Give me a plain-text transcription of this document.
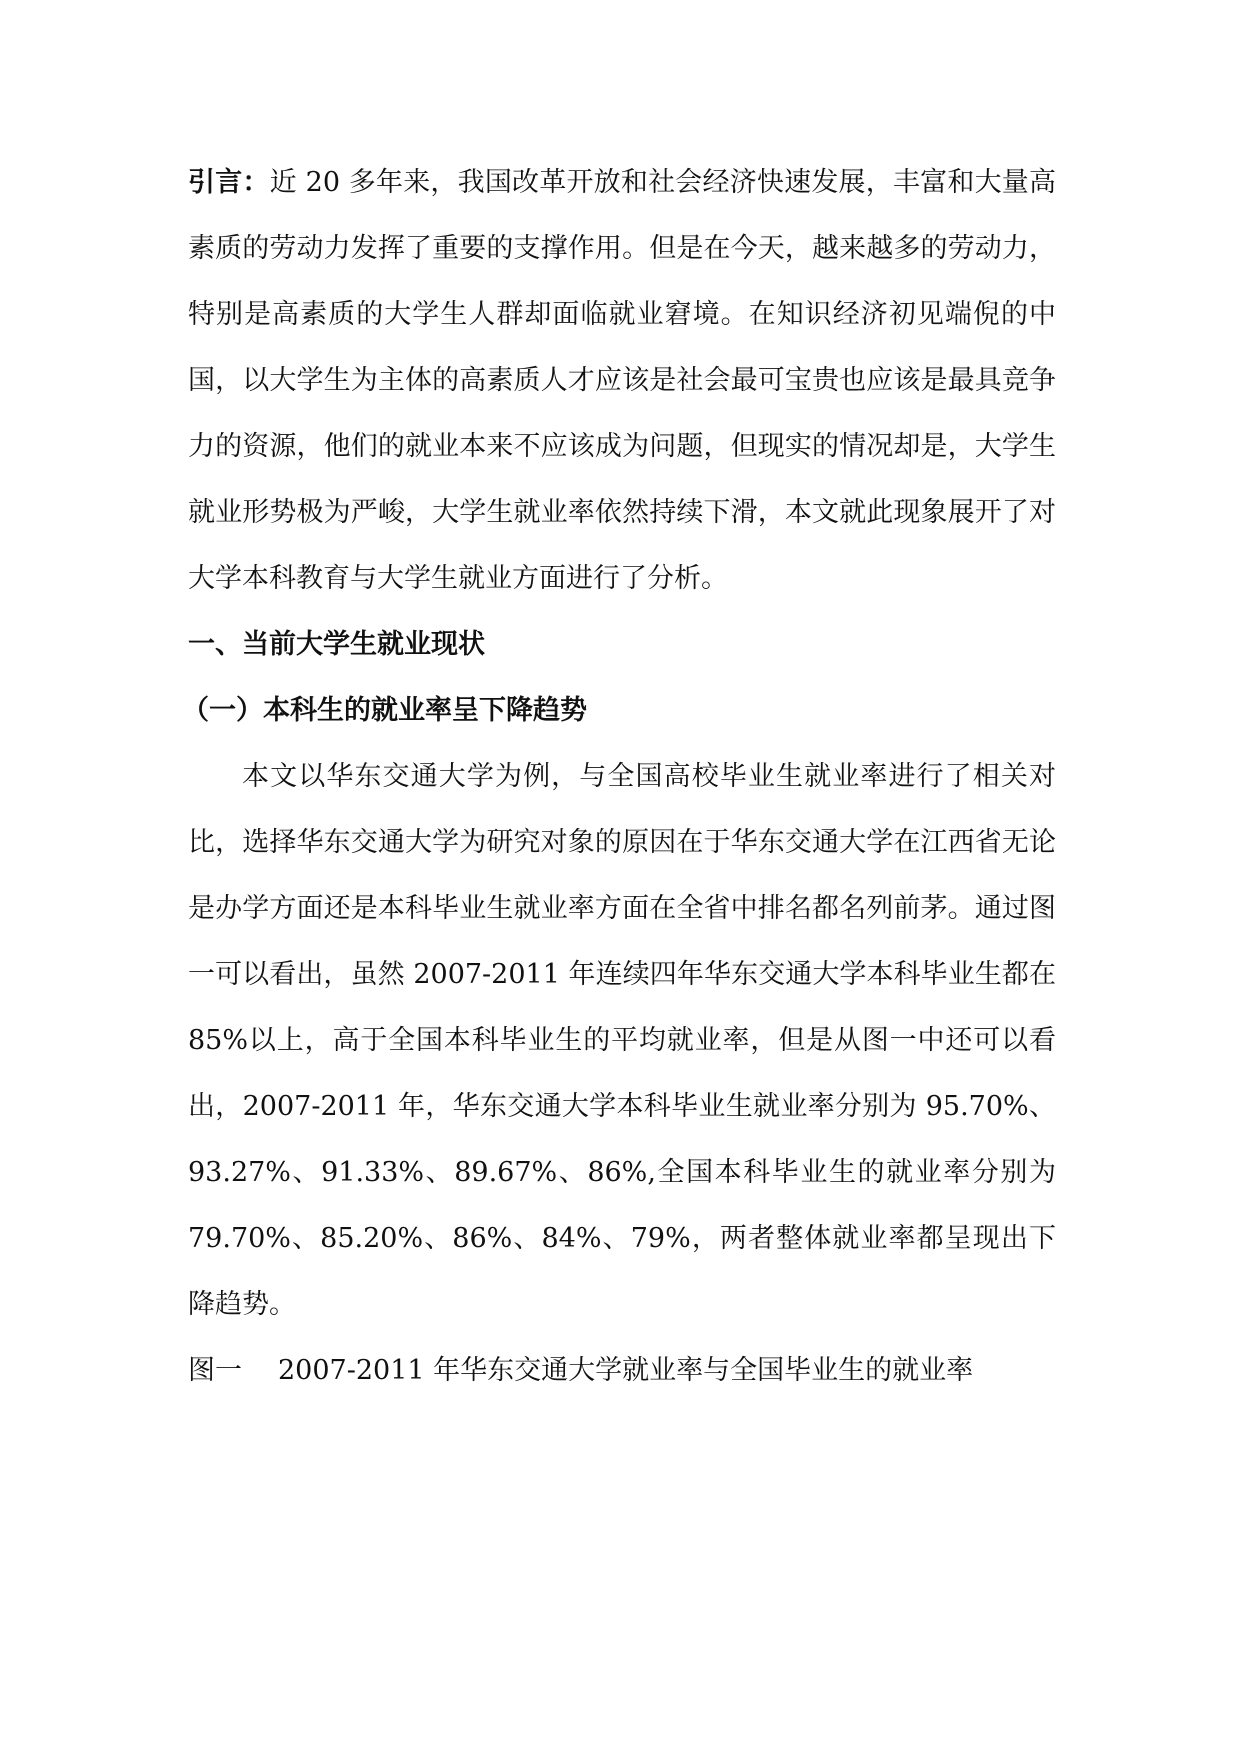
引言：近 20 多年来，我国改革开放和社会经济快速发展，丰富和大量高素质的劳动力发挥了重要的支撑作用。但是在今天，越来越多的劳动力，特别是高素质的大学生人群却面临就业窘境。在知识经济初见端倪的中国，以大学生为主体的高素质人才应该是社会最可宝贵也应该是最具竞争力的资源，他们的就业本来不应该成为问题，但现实的情况却是，大学生就业形势极为严峻，大学生就业率依然持续下滑，本文就此现象展开了对大学本科教育与大学生就业方面进行了分析。

一、当前大学生就业现状
（一）本科生的就业率呈下降趋势

本文以华东交通大学为例，与全国高校毕业生就业率进行了相关对比，选择华东交通大学为研究对象的原因在于华东交通大学在江西省无论是办学方面还是本科毕业生就业率方面在全省中排名都名列前茅。通过图一可以看出，虽然 2007-2011 年连续四年华东交通大学本科毕业生都在 85%以上，高于全国本科毕业生的平均就业率，但是从图一中还可以看出，2007-2011 年，华东交通大学本科毕业生就业率分别为 95.70%、93.27%、91.33%、89.67%、86%,全国本科毕业生的就业率分别为 79.70%、85.20%、86%、84%、79%，两者整体就业率都呈现出下降趋势。

图一 2007-2011 年华东交通大学就业率与全国毕业生的就业率
